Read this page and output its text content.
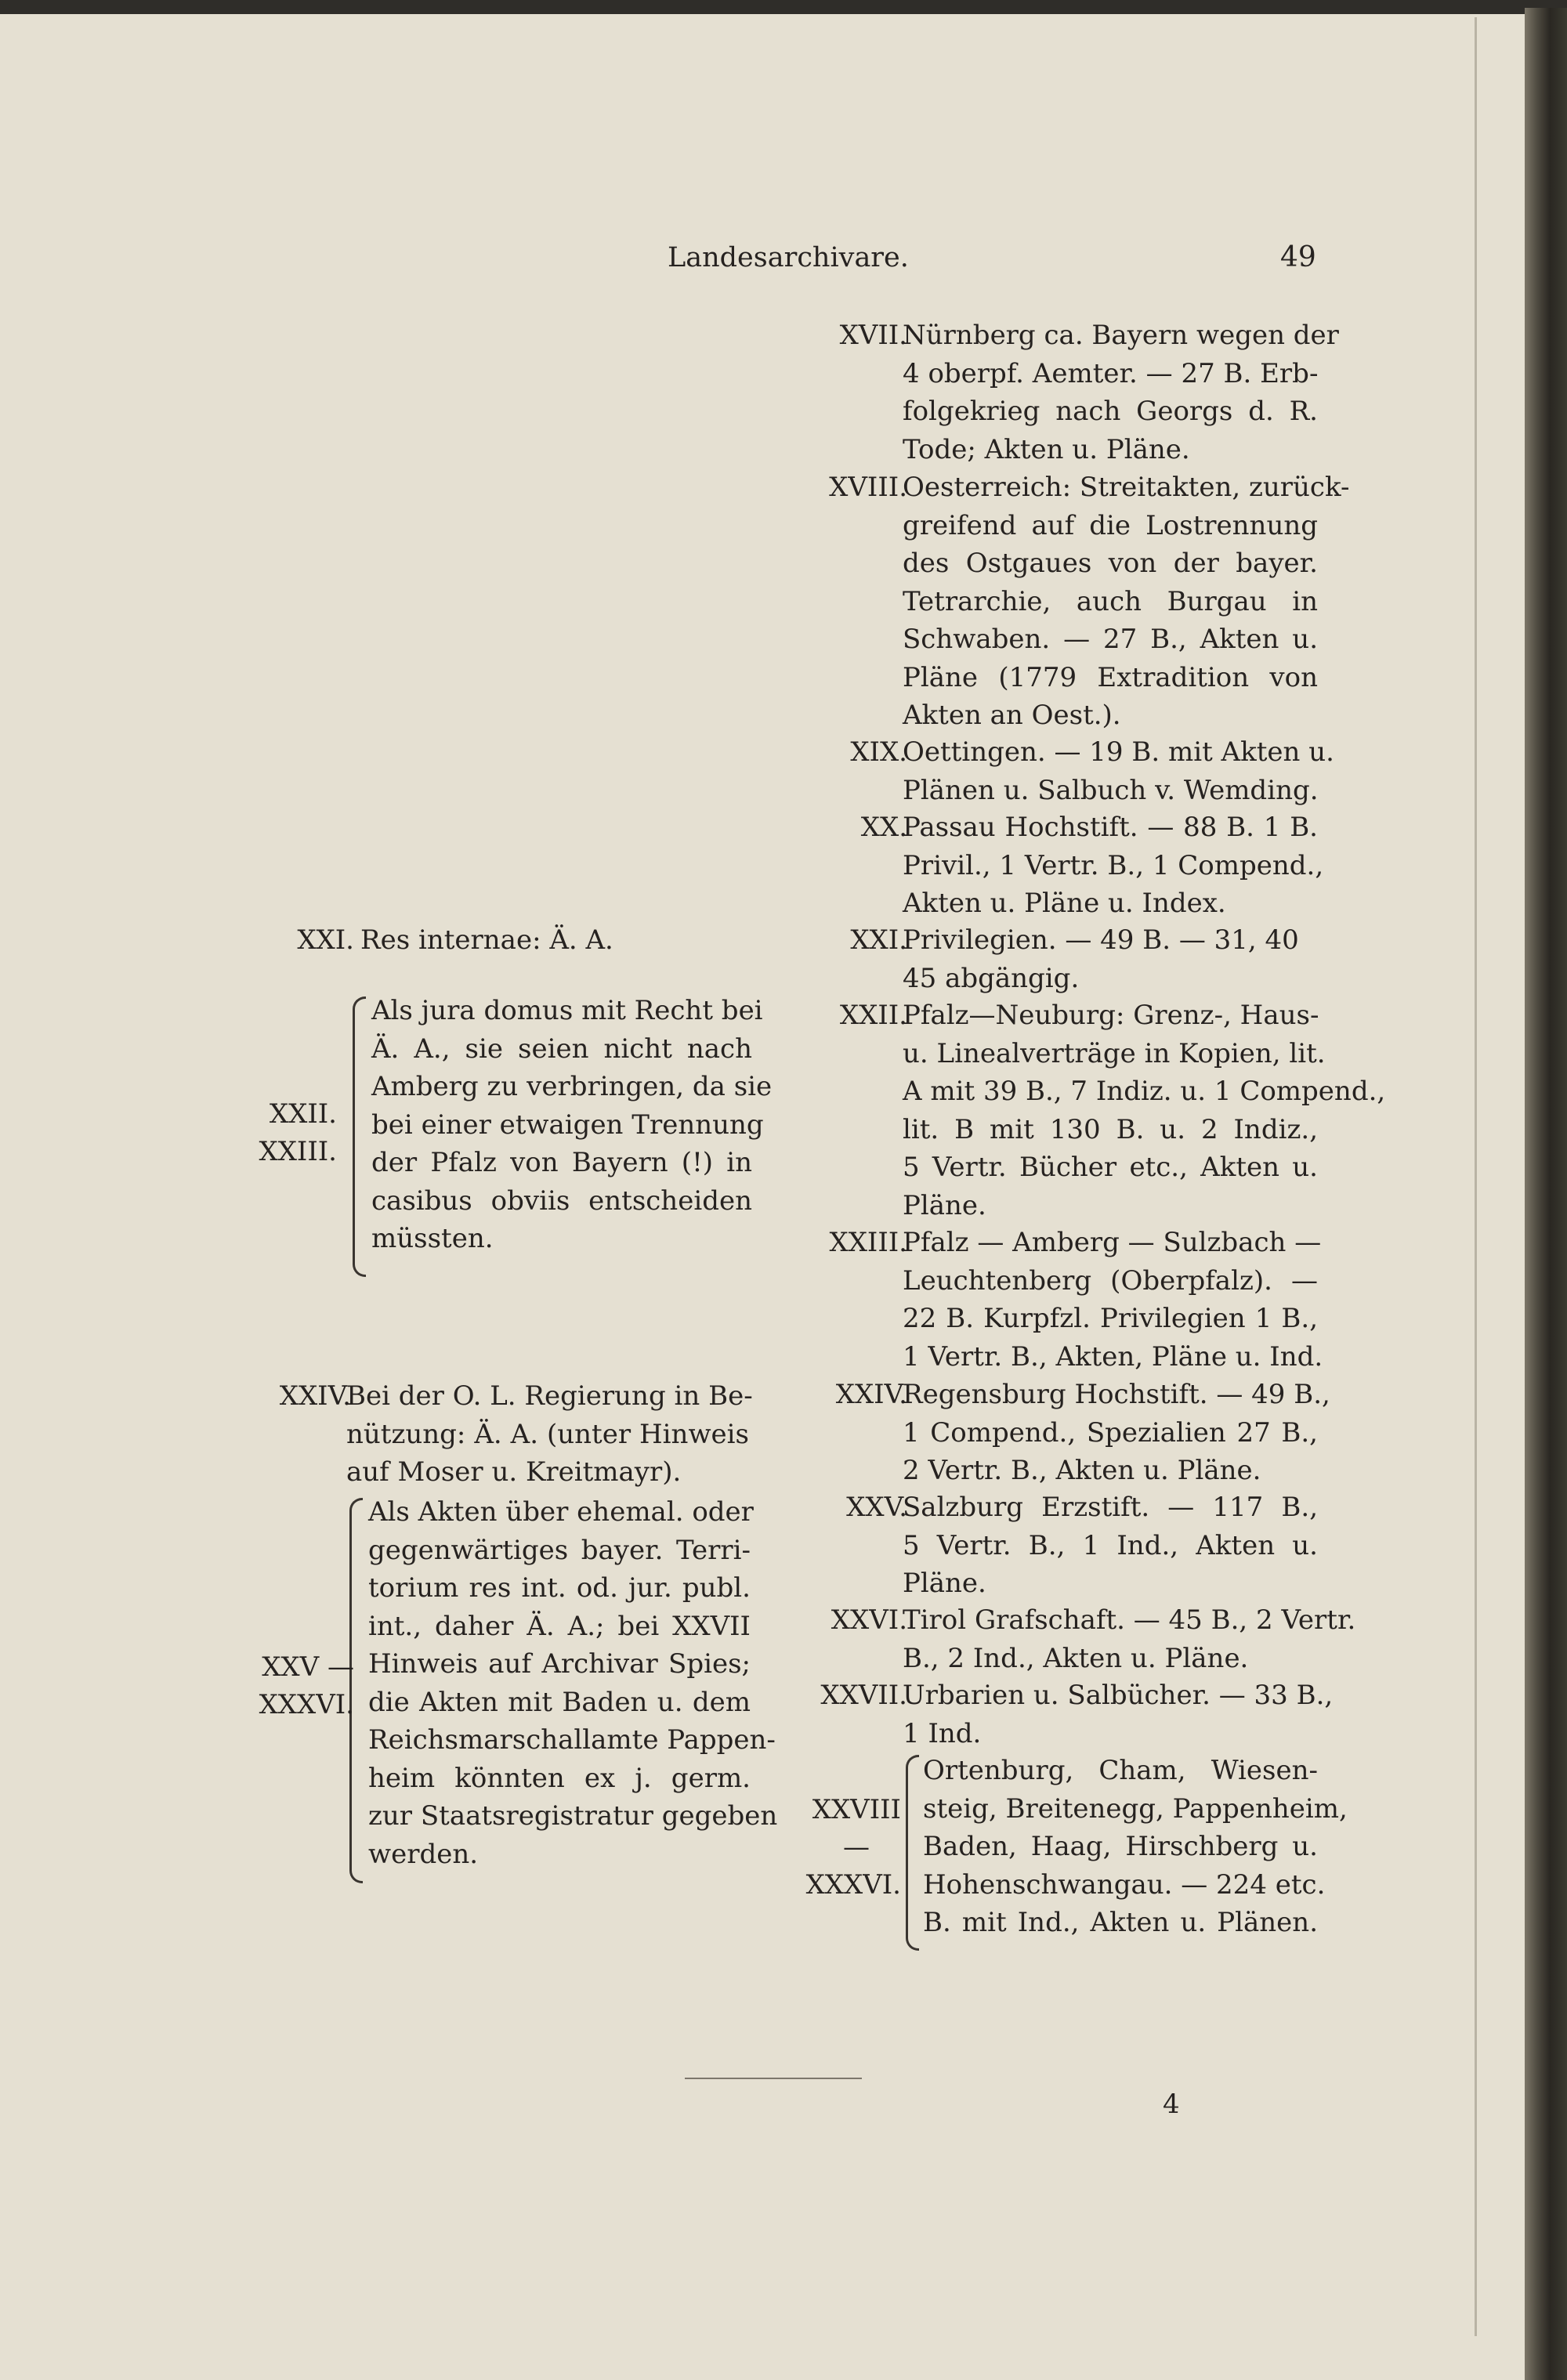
Landesarchivare.	49
XXI. Res internae: Ä. A.
XXII.
XXIII.
Als jura domus mit Recht bei
Ä. A., sie seien nicht nach
Amberg zu verbringen, da sie
bei einer etwaigen Trennung
der Pfalz von Bayern (!) in
casibus obviis entscheiden
müssten.
XXIV.
Bei der O. L. Regierung in Be-
nützung: Ä. A. (unter Hinweis
auf Moser u. Kreitmayr).
XXV —
XXXVI.
Als Akten über ehemal. oder
gegenwärtiges bayer. Terri-
torium res int. od. jur. publ.
int., daher Ä. A.; bei XXVII
Hinweis auf Archivar Spies;
die Akten mit Baden u. dem
Reichsmarschallamte Pappen-
heim könnten ex j. germ.
zur Staatsregistratur gegeben
werden.
XVII.
Nürnberg ca. Bayern wegen der
4 oberpf. Aemter. — 27 B. Erb-
folgekrieg nach Georgs d. R.
Tode; Akten u. Pläne.
XVIII.
Oesterreich: Streitakten, zurück-
greifend auf die Lostrennung
des Ostgaues von der bayer.
Tetrarchie, auch Burgau in
Schwaben. — 27 B., Akten u.
Pläne (1779 Extradition von
Akten an Oest.).
XIX.
Oettingen. — 19 B. mit Akten u.
Plänen u. Salbuch v. Wemding.
XX.
Passau Hochstift. — 88 B. 1 B.
Privil., 1 Vertr. B., 1 Compend.,
Akten u. Pläne u. Index.
XXI.
Privilegien. — 49 B. — 31, 40
45 abgängig.
XXII.
Pfalz—Neuburg: Grenz-, Haus-
u. Linealverträge in Kopien, lit.
A mit 39 B., 7 Indiz. u. 1 Compend.,
lit. B mit 130 B. u. 2 Indiz.,
5 Vertr. Bücher etc., Akten u.
Pläne.
XXIII.
Pfalz — Amberg — Sulzbach —
Leuchtenberg (Oberpfalz). —
22 B. Kurpfzl. Privilegien 1 B.,
1 Vertr. B., Akten, Pläne u. Ind.
XXIV.
Regensburg Hochstift. — 49 B.,
1 Compend., Spezialien 27 B.,
2 Vertr. B., Akten u. Pläne.
XXV.
Salzburg Erzstift. — 117 B.,
5 Vertr. B., 1 Ind., Akten u.
Pläne.
XXVI.
Tirol Grafschaft. — 45 B., 2 Vertr.
B., 2 Ind., Akten u. Pläne.
XXVII.
Urbarien u. Salbücher. — 33 B.,
1 Ind.
XXVIII
—
XXXVI.
Ortenburg, Cham, Wiesen-
steig, Breitenegg, Pappenheim,
Baden, Haag, Hirschberg u.
Hohenschwangau. — 224 etc.
B. mit Ind., Akten u. Plänen.
4
